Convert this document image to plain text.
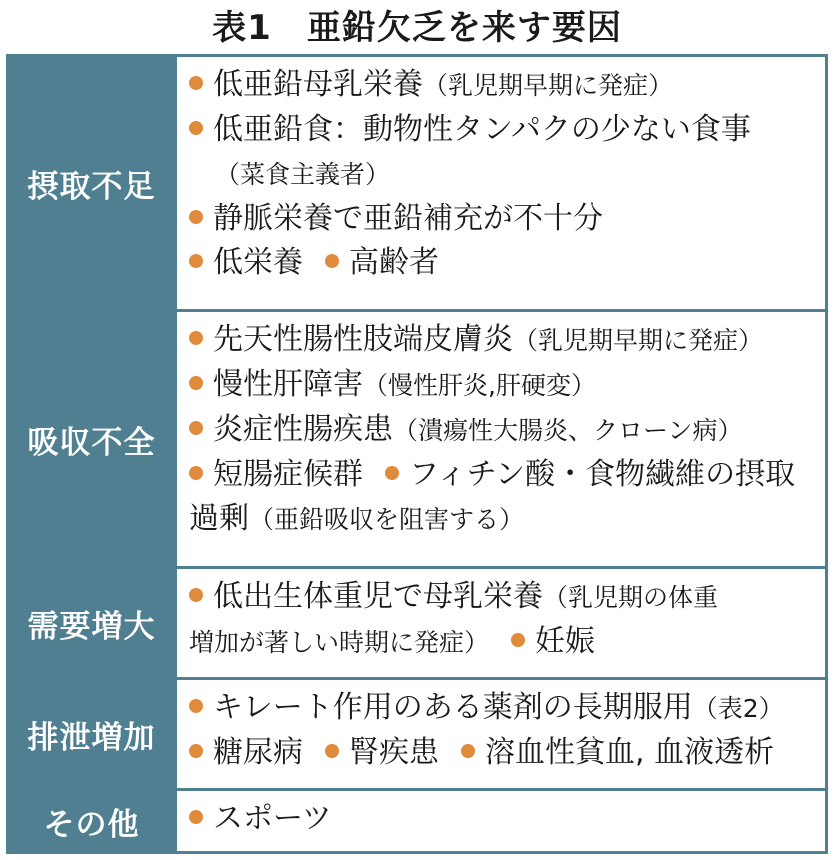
表1　亜鉛欠乏を来す要因
摂取不足
低亜鉛母乳栄養（乳児期早期に発症）
低亜鉛食：動物性タンパクの少ない食事
（菜食主義者）
静脈栄養で亜鉛補充が不十分
低栄養 高齢者
吸収不全
先天性腸性肢端皮膚炎（乳児期早期に発症）
慢性肝障害（慢性肝炎,肝硬変）
炎症性腸疾患（潰瘍性大腸炎、クローン病）
短腸症候群 フィチン酸・食物繊維の摂取
過剰（亜鉛吸収を阻害する）
需要増大
低出生体重児で母乳栄養（乳児期の体重
増加が著しい時期に発症） 妊娠
排泄増加
キレート作用のある薬剤の長期服用（表2）
糖尿病 腎疾患 溶血性貧血, 血液透析
その他	スポーツ
